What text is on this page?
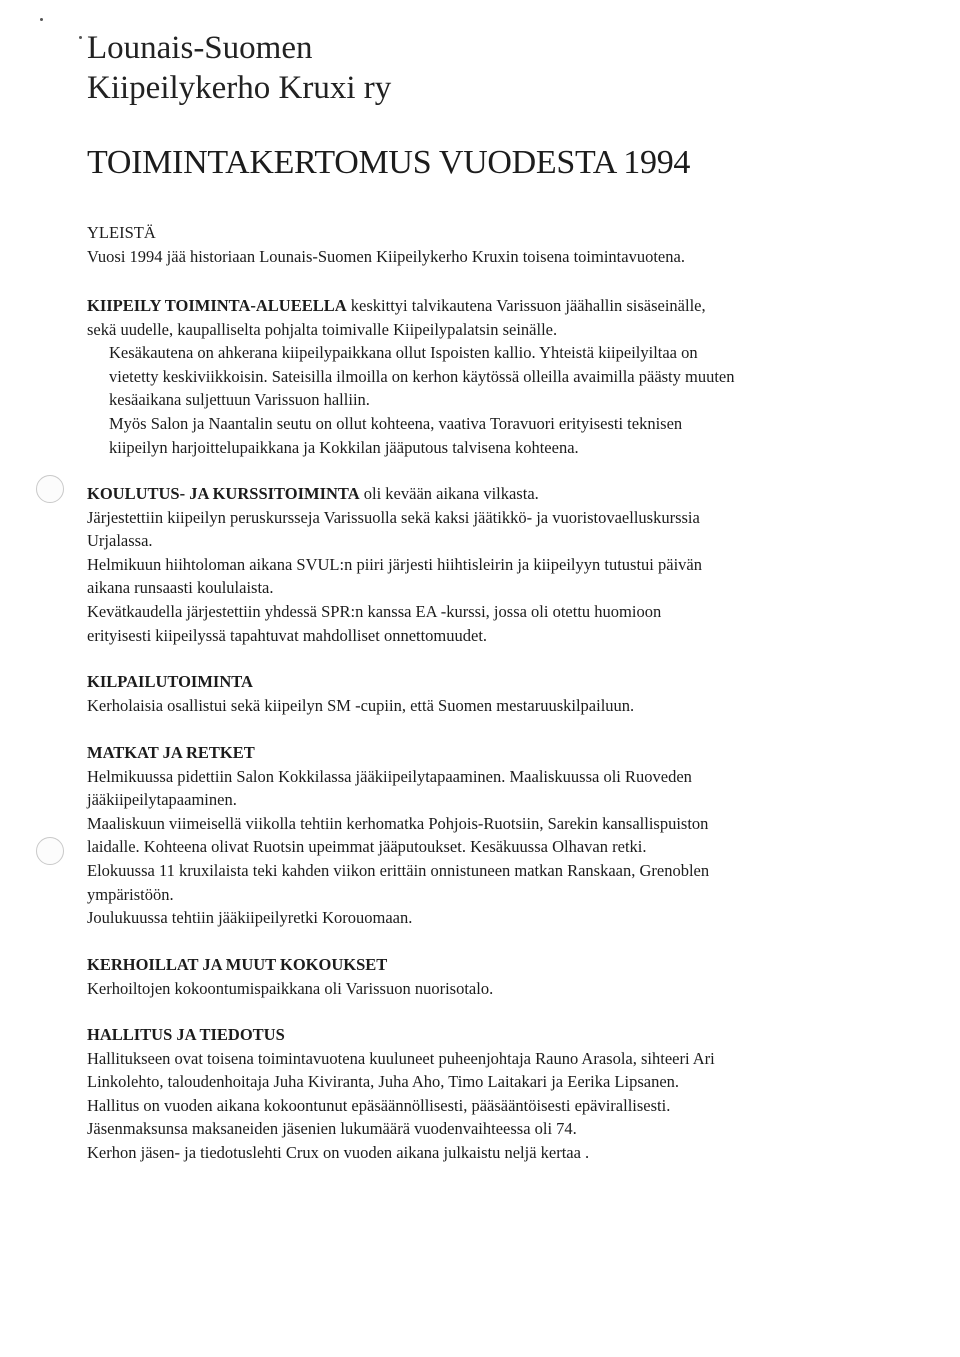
Lounais-Suomen
Kiipeilykerho Kruxi ry
TOIMINTAKERTOMUS VUODESTA 1994
YLEISTÄ

Vuosi 1994 jää historiaan Lounais-Suomen Kiipeilykerho Kruxin toisena toimintavuotena.

KIIPEILY TOIMINTA-ALUEELLA keskittyi talvikautena Varissuon jäähallin sisäseinälle,
sekä uudelle, kaupalliselta pohjalta toimivalle Kiipeilypalatsin seinälle.

Kesäkautena on ahkerana kiipeilypaikkana ollut Ispoisten kallio. Yhteistä kiipeilyiltaa on
vietetty keskiviikkoisin. Sateisilla ilmoilla on kerhon käytössä olleilla avaimilla päästy muuten
kesäaikana suljettuun Varissuon halliin.

Myös Salon ja Naantalin seutu on ollut kohteena, vaativa Toravuori erityisesti teknisen
kiipeilyn harjoittelupaikkana ja Kokkilan jääputous talvisena kohteena.

KOULUTUS- JA KURSSITOIMINTA oli kevään aikana vilkasta.

Järjestettiin kiipeilyn peruskursseja Varissuolla sekä kaksi jäätikkö- ja vuoristovaelluskurssia
Urjalassa.
Helmikuun hiihtoloman aikana SVUL:n piiri järjesti hiihtisleirin ja kiipeilyyn tutustui päivän
aikana runsaasti koululaista.
Kevätkaudella järjestettiin yhdessä SPR:n kanssa EA -kurssi, jossa oli otettu huomioon
erityisesti kiipeilyssä tapahtuvat mahdolliset onnettomuudet.

KILPAILUTOIMINTA

Kerholaisia osallistui sekä kiipeilyn SM -cupiin, että Suomen mestaruuskilpailuun.

MATKAT JA RETKET

Helmikuussa pidettiin Salon Kokkilassa jääkiipeilytapaaminen. Maaliskuussa oli Ruoveden
jääkiipeilytapaaminen.
Maaliskuun viimeisellä viikolla tehtiin kerhomatka Pohjois-Ruotsiin, Sarekin kansallispuiston
laidalle. Kohteena olivat Ruotsin upeimmat jääputoukset. Kesäkuussa Olhavan retki.
Elokuussa 11 kruxilaista teki kahden viikon erittäin onnistuneen matkan Ranskaan, Grenoblen
ympäristöön.
Joulukuussa tehtiin jääkiipeilyretki Korouomaan.

KERHOILLAT JA MUUT KOKOUKSET

Kerhoiltojen kokoontumispaikkana oli Varissuon nuorisotalo.

HALLITUS JA TIEDOTUS

Hallitukseen ovat toisena toimintavuotena kuuluneet puheenjohtaja Rauno Arasola, sihteeri Ari
Linkolehto, taloudenhoitaja Juha Kiviranta, Juha Aho, Timo Laitakari ja Eerika Lipsanen.
Hallitus on vuoden aikana kokoontunut epäsäännöllisesti, pääsääntöisesti epävirallisesti.
Jäsenmaksunsa maksaneiden jäsenien lukumäärä vuodenvaihteessa oli 74.
Kerhon jäsen- ja tiedotuslehti Crux on vuoden aikana julkaistu neljä kertaa .
